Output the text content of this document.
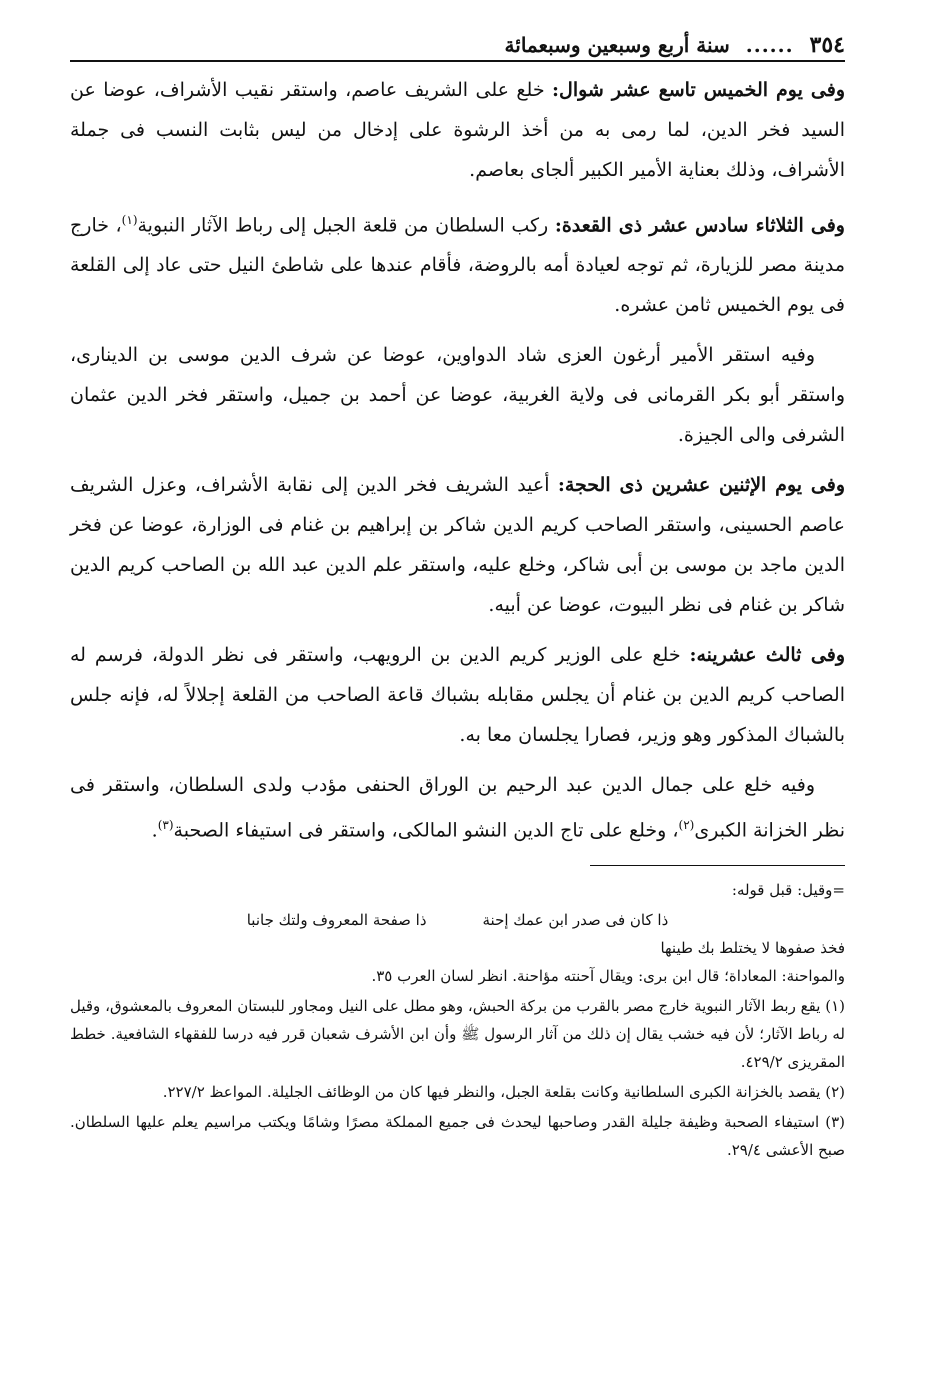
٣٥٤
......
سنة أربع وسبعين وسبعمائة

وفى يوم الخميس تاسع عشر شوال: خلع على الشريف عاصم، واستقر نقيب الأشراف، عوضا عن السيد فخر الدين، لما رمى به من أخذ الرشوة على إدخال من ليس بثابت النسب فى جملة الأشراف، وذلك بعناية الأمير الكبير ألجاى بعاصم.

وفى الثلاثاء سادس عشر ذى القعدة: ركب السلطان من قلعة الجبل إلى رباط الآثار النبوية$^{(١)}$، خارج مدينة مصر للزيارة، ثم توجه لعيادة أمه بالروضة، فأقام عندها على شاطئ النيل حتى عاد إلى القلعة فى يوم الخميس ثامن عشره.

وفيه استقر الأمير أرغون العزى شاد الدواوين، عوضا عن شرف الدين موسى بن الدينارى، واستقر أبو بكر القرمانى فى ولاية الغربية، عوضا عن أحمد بن جميل، واستقر فخر الدين عثمان الشرفى والى الجيزة.

وفى يوم الإثنين عشرين ذى الحجة: أعيد الشريف فخر الدين إلى نقابة الأشراف، وعزل الشريف عاصم الحسينى، واستقر الصاحب كريم الدين شاكر بن إبراهيم بن غنام فى الوزارة، عوضا عن فخر الدين ماجد بن موسى بن أبى شاكر، وخلع عليه، واستقر علم الدين عبد الله بن الصاحب كريم الدين شاكر بن غنام فى نظر البيوت، عوضا عن أبيه.

وفى ثالث عشرينه: خلع على الوزير كريم الدين بن الرويهب، واستقر فى نظر الدولة، فرسم له الصاحب كريم الدين بن غنام أن يجلس مقابله بشباك قاعة الصاحب من القلعة إجلالاً له، فإنه جلس بالشباك المذكور وهو وزير، فصارا يجلسان معا به.

وفيه خلع على جمال الدين عبد الرحيم بن الوراق الحنفى مؤدب ولدى السلطان، واستقر فى نظر الخزانة الكبرى$^{(٢)}$، وخلع على تاج الدين النشو المالكى، واستقر فى استيفاء الصحبة$^{(٣)}$.

=وقيل: قبل قوله:
ذا كان فى صدر ابن عمك إحنة
ذا صفحة المعروف ولتك جانبا
فخذ صفوها لا يختلط بك طينها
والمواحنة: المعاداة؛ قال ابن برى: ويقال آحنته مؤاحنة. انظر لسان العرب ٣٥.
(١) يقع ربط الآثار النبوية خارج مصر بالقرب من بركة الحبش، وهو مطل على النيل ومجاور للبستان المعروف بالمعشوق، وقيل له رباط الآثار؛ لأن فيه خشب يقال إن ذلك من آثار الرسول ﷺ وأن ابن الأشرف شعبان قرر فيه درسا للفقهاء الشافعية. خطط المقريزى ٤٢٩/٢.
(٢) يقصد بالخزانة الكبرى السلطانية وكانت بقلعة الجبل، والنظر فيها كان من الوظائف الجليلة. المواعظ ٢٢٧/٢.
(٣) استيفاء الصحبة وظيفة جليلة القدر وصاحبها ليحدث فى جميع المملكة مصرًا وشامًا ويكتب مراسيم يعلم عليها السلطان. صبح الأعشى ٢٩/٤.
